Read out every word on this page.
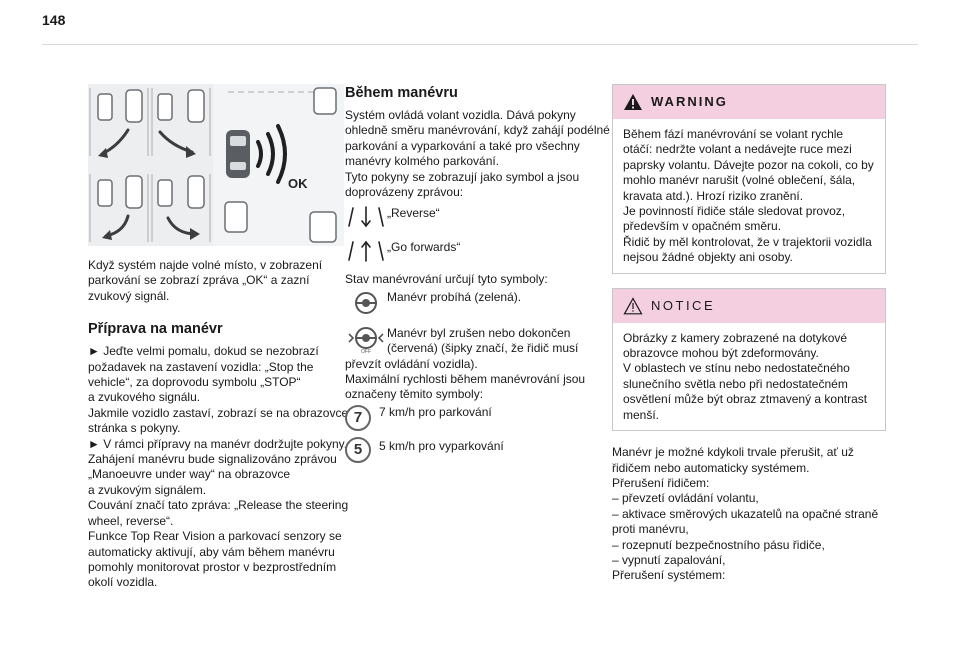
148
OK

Když systém najde volné místo, v zobrazení parkování se zobrazí zpráva „OK“ a zazní zvukový signál.

Příprava na manévr

► Jeďte velmi pomalu, dokud se nezobrazí požadavek na zastavení vozidla: „Stop the vehicle“, za doprovodu symbolu „STOP“

a zvukového signálu.

Jakmile vozidlo zastaví, zobrazí se na obrazovce stránka s pokyny.

► V rámci přípravy na manévr dodržujte pokyny.

Zahájení manévru bude signalizováno zprávou „Manoeuvre under way“ na obrazovce

a zvukovým signálem.

Couvání značí tato zpráva: „Release the steering wheel, reverse“.

Funkce Top Rear Vision a parkovací senzory se automaticky aktivují, aby vám během manévru pomohly monitorovat prostor v bezprostředním okolí vozidla.

Během manévru

Systém ovládá volant vozidla. Dává pokyny ohledně směru manévrování, když zahájí podélné parkování a vyparkování a také pro všechny manévry kolmého parkování.

Tyto pokyny se zobrazují jako symbol a jsou doprovázeny zprávou:

„Reverse“
„Go forwards“

Stav manévrování určují tyto symboly:

Manévr probíhá (zelená).
OFF
Manévr byl zrušen nebo dokončen (červená) (šipky značí, že řidič musí

převzít ovládání vozidla).

Maximální rychlosti během manévrování jsou označeny těmito symboly:

7	7 km/h pro parkování
5	5 km/h pro vyparkování
WARNING

Během fází manévrování se volant rychle otáčí: nedržte volant a nedávejte ruce mezi paprsky volantu. Dávejte pozor na cokoli, co by mohlo manévr narušit (volné oblečení, šála, kravata atd.). Hrozí riziko zranění.

Je povinností řidiče stále sledovat provoz, především v opačném směru.

Řidič by měl kontrolovat, že v trajektorii vozidla nejsou žádné objekty ani osoby.

NOTICE

Obrázky z kamery zobrazené na dotykové obrazovce mohou být zdeformovány.

V oblastech ve stínu nebo nedostatečného slunečního světla nebo při nedostatečném osvětlení může být obraz ztmavený a kontrast menší.

Manévr je možné kdykoli trvale přerušit, ať už řidičem nebo automaticky systémem.

Přerušení řidičem:

– převzetí ovládání volantu,

– aktivace směrových ukazatelů na opačné straně proti manévru,

– rozepnutí bezpečnostního pásu řidiče,

– vypnutí zapalování,

Přerušení systémem:
